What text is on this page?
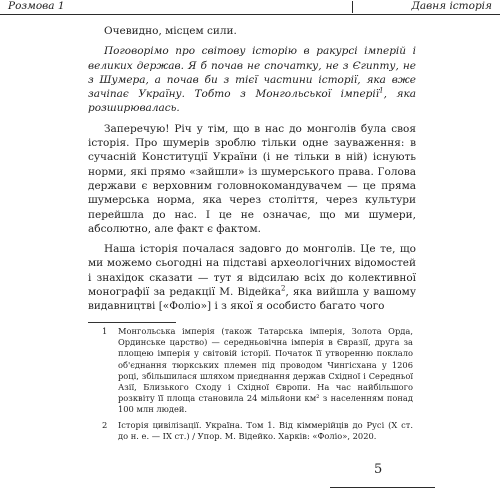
Розмова 1	Давня історія

Очевидно, місцем сили.

Поговорімо про світову історію в ракурсі імперій і великих держав. Я б почав не спочатку, не з Єгипту, не з Шумера, а почав би з тієї частини історії, яка вже зачіпає Україну. Тобто з Монгольської імперії$^1$, яка розширювалась.

Заперечую! Річ у тім, що в нас до монголів була своя історія. Про шумерів зроблю тільки одне зауваження: в сучасній Конституції України (і не тільки в ній) існують норми, які прямо «зайшли» із шумерського права. Голова держави є верховним головнокомандувачем — це пряма шумерська норма, яка через століття, через культури перейшла до нас. І це не означає, що ми шумери, абсолютно, але факт є фактом.

Наша історія почалася задовго до монголів. Це те, що ми можемо сьогодні на підставі археологічних відомостей і знахідок сказати — тут я відсилаю всіх до колективної монографії за редакції М. Відейка$^2$, яка вийшла у вашому видавництві [«Фоліо»] і з якої я особисто багато чого

1	Монгольська імперія (також Татарська імперія, Золота Орда, Ординське царство) — середньовічна імперія в Євразії, друга за площею імперія у світовій історії. Початок її утворенню поклало об'єднання тюркських племен під проводом Чингісхана у 1206 році, збільшилася шляхом приєднання держав Східної і Середньої Азії, Близького Сходу і Східної Європи. На час найбільшого розквіту її площа становила 24 мільйони км² з населенням понад 100 млн людей.
2	Історія цивілізації. Україна. Том 1. Від кіммерійців до Русі (Х ст. до н. е. — ІХ ст.) / Упор. М. Відейко. Харків: «Фоліо», 2020.
5
